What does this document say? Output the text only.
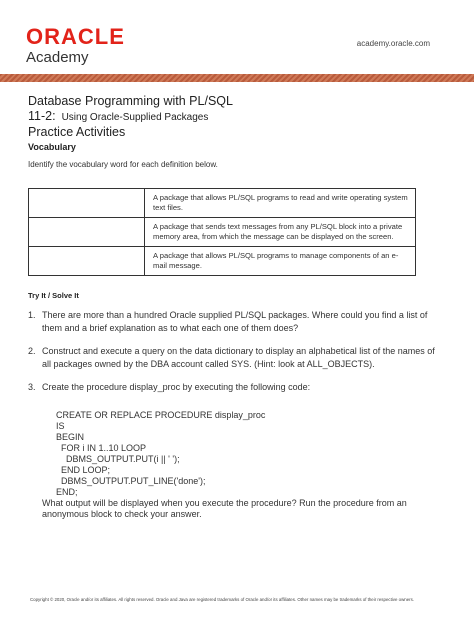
ORACLE
Academy
academy.oracle.com
Database Programming with PL/SQL
11-2: Using Oracle-Supplied Packages
Practice Activities
Vocabulary
Identify the vocabulary word for each definition below.
	A package that allows PL/SQL programs to read and write operating system text files.
	A package that sends text messages from any PL/SQL block into a private memory area, from which the message can be displayed on the screen.
	A package that allows PL/SQL programs to manage components of an e-mail message.
Try It / Solve It
1. There are more than a hundred Oracle supplied PL/SQL packages. Where could you find a list of them and a brief explanation as to what each one of them does?
2. Construct and execute a query on the data dictionary to display an alphabetical list of the names of all packages owned by the DBA account called SYS. (Hint: look at ALL_OBJECTS).
3. Create the procedure display_proc by executing the following code:
CREATE OR REPLACE PROCEDURE display_proc
IS
BEGIN
FOR i IN 1..10 LOOP
DBMS_OUTPUT.PUT(i || ' ');
END LOOP;
DBMS_OUTPUT.PUT_LINE('done');
END;
What output will be displayed when you execute the procedure? Run the procedure from an anonymous block to check your answer.
Copyright © 2020, Oracle and/or its affiliates. All rights reserved. Oracle and Java are registered trademarks of Oracle and/or its affiliates. Other names may be trademarks of their respective owners.
